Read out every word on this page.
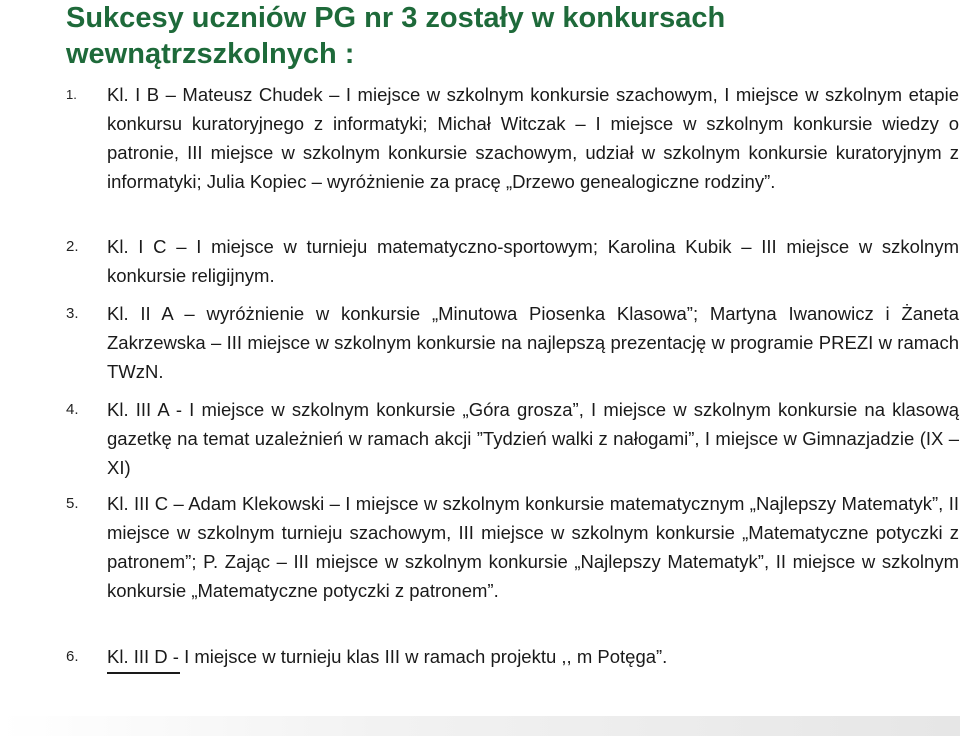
Sukcesy uczniów PG nr 3 zostały w konkursach wewnątrzszkolnych :
1. Kl. I B – Mateusz Chudek – I miejsce w szkolnym konkursie szachowym, I miejsce w szkolnym etapie konkursu kuratoryjnego z informatyki; Michał Witczak – I miejsce w szkolnym konkursie wiedzy o patronie, III miejsce w szkolnym konkursie szachowym, udział w szkolnym konkursie kuratoryjnym z informatyki; Julia Kopiec – wyróżnienie za pracę „Drzewo genealogiczne rodziny”.

2. Kl. I C – I miejsce w turnieju matematyczno-sportowym; Karolina Kubik – III miejsce w szkolnym konkursie religijnym.

3. Kl. II A – wyróżnienie w konkursie „Minutowa Piosenka Klasowa”; Martyna Iwanowicz i Żaneta Zakrzewska – III miejsce w szkolnym konkursie na najlepszą prezentację w programie PREZI w ramach TWzN.

4. Kl. III A - I miejsce w szkolnym konkursie „Góra grosza”, I miejsce w szkolnym konkursie na klasową gazetkę na temat uzależnień w ramach akcji ”Tydzień walki z nałogami”, I miejsce w Gimnazjadzie (IX – XI)

5. Kl. III C – Adam Klekowski – I miejsce w szkolnym konkursie matematycznym „Najlepszy Matematyk”, II miejsce w szkolnym turnieju szachowym, III miejsce w szkolnym konkursie „Matematyczne potyczki z patronem”; P. Zając – III miejsce w szkolnym konkursie „Najlepszy Matematyk”, II miejsce w szkolnym konkursie „Matematyczne potyczki z patronem”.

6. Kl. III D - I miejsce w turnieju klas III w ramach projektu ,, m Potęga”.
